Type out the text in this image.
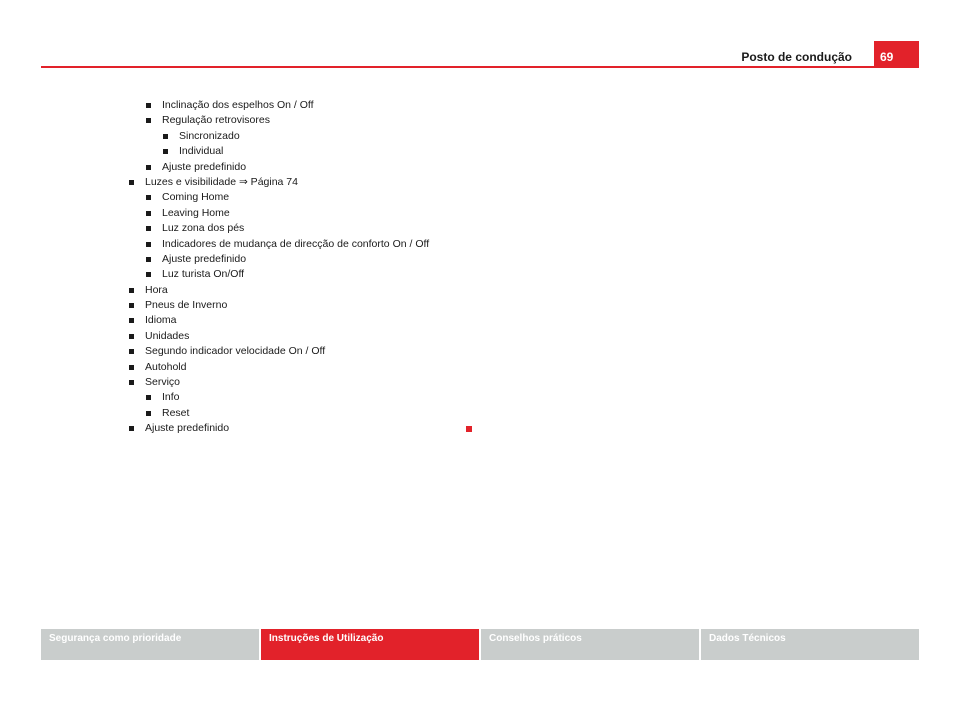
Posto de condução	69
Inclinação dos espelhos On / Off
Regulação retrovisores
Sincronizado
Individual
Ajuste predefinido
Luzes e visibilidade ⇒ Página 74
Coming Home
Leaving Home
Luz zona dos pés
Indicadores de mudança de direcção de conforto On / Off
Ajuste predefinido
Luz turista On/Off
Hora
Pneus de Inverno
Idioma
Unidades
Segundo indicador velocidade On / Off
Autohold
Serviço
Info
Reset
Ajuste predefinido
Segurança como prioridade	Instruções de Utilização	Conselhos práticos	Dados Técnicos
